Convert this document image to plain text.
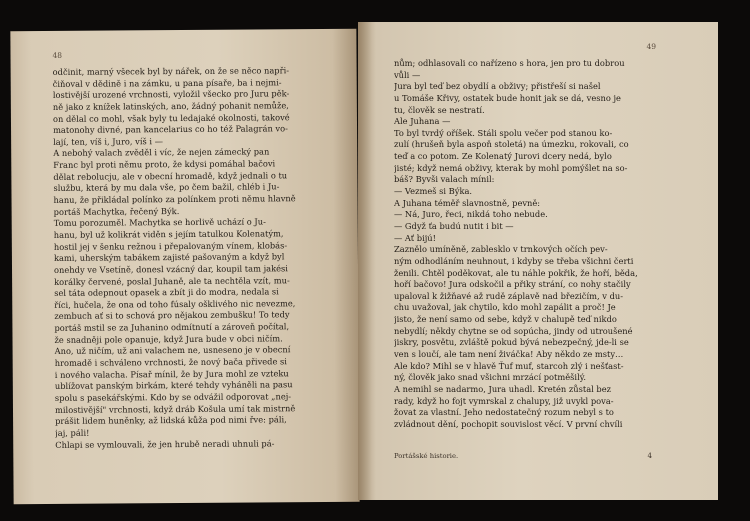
48
odčinit, marný všecek byl by nářek, on že se něco napři-
čiňoval v dědině i na zámku, u pana písaře, ba i nejmi-
lostivější urozené vrchnosti, vyložil všecko pro Juru pěk-
ně jako z knížek latinských, ano, žádný pohanit nemůže,
on dělal co mohl, však byly tu ledajaké okolnosti, takové
matonohy divné, pan kancelarius co ho též Palagrán vo-
lají, ten, víš i, Juro, víš i —
A nebohý valach zvěděl i víc, že nejen zámecký pan
Franc byl proti němu proto, že kdysi pomáhal bačovi
dělat rebolucju, ale v obecní hromadě, když jednali o tu
službu, která by mu dala vše, po čem bažil, chléb i Ju-
hanu, že přikládal polínko za polínkem proti němu hlavně
portáš Machytka, řečený Býk.
Tomu porozuměl. Machytka se horlivě uchází o Ju-
hanu, byl už kolikrát viděn s jejím tatulkou Kolenatým,
hostil jej v šenku režnou i přepalovaným vínem, klobás-
kami, uherským tabákem zajisté pašovaným a když byl
onehdy ve Vsetíně, donesl vzácný dar, koupil tam jakési
korálky červené, poslal Juhaně, ale ta nechtěla vzít, mu-
sel táta odepnout opasek a zbít ji do modra, nedala si
říci, hučela, že ona od toho fúsaly ošklivého nic nevezme,
zembuch ať si to schová pro nějakou zembušku! To tedy
portáš mstil se za Juhanino odmítnutí a zároveň počítal,
že snadněji pole opanuje, když Jura bude v obci ničím.
Ano, už ničím, už ani valachem ne, usneseno je v obecní
hromadě i schváleno vrchnosti, že nový bača přivede si
i nového valacha. Písař mínil, že by Jura mohl ze vzteku
ublížovat panským birkám, které tehdy vyháněli na pasu
spolu s pasekářskými. Kdo by se odvážil odporovat „nej-
milostivější" vrchnosti, když dráb Košula umí tak mistrně
prášit lidem huněnky, až lidská kůža pod nimi řve: páli,
jaj, páli!
Chlapi se vymlouvali, že jen hrubě neradi uhnuli pá-
49
nům; odhlasovali co nařízeno s hora, jen pro tu dobrou
vůli —
Jura byl teď bez obydlí a obživy; přistřeší si našel
u Tomáše Křivy, ostatek bude honit jak se dá, vesno je
tu, člověk se nestratí.
Ale Juhana —
To byl tvrdý oříšek. Stáli spolu večer pod stanou ko-
zulí (hrušeň byla aspoň stoletá) na úmezku, rokovali, co
teď a co potom. Ze Kolenatý Jurovi dcery nedá, bylo
jisté; když nemá obživy, kterak by mohl pomýšlet na so-
báš? Byvši valach mínil:
— Vezmeš si Býka.
A Juhana téměř slavnostně, pevně:
— Ná, Juro, řeci, nikdá toho nebude.
— Gdyž ťa budú nutit i bit —
— Ať bijú!
Zaznělo umíněně, zablesklo v trnkových očích pev-
ným odhodláním neuhnout, i kdyby se třeba všichni čerti
ženili. Chtěl poděkovat, ale tu náhle pokřik, že hoří, běda,
hoří bačovo! Jura odskočil a přiky strání, co nohy stačily
upaloval k žižňavé až rudě záplavě nad březičím, v du-
chu uvažoval, jak chytilo, kdo mohl zapálit a proč! Je
jisto, že není samo od sebe, když v chalupě teď nikdo
nebydlí; někdy chytne se od sopúcha, jindy od utroušené
jiskry, posvětu, zvláště pokud bývá nebezpečný, jde-li se
ven s loučí, ale tam není živáčka! Aby někdo ze msty…
Ale kdo? Mihl se v hlavě Ťuf muf, starcoh zlý i nešťast-
ný, člověk jako snad všichni mrzácí potměšilý.
A nemihl se nadarmo, Jura uhadl. Kretén zůstal bez
rady, když ho fojt vymrskal z chalupy, již uvykl pova-
žovat za vlastní. Jeho nedostatečný rozum nebyl s to
zvládnout dění, pochopit souvislost věcí. V první chvíli
Portášské historie.	4
